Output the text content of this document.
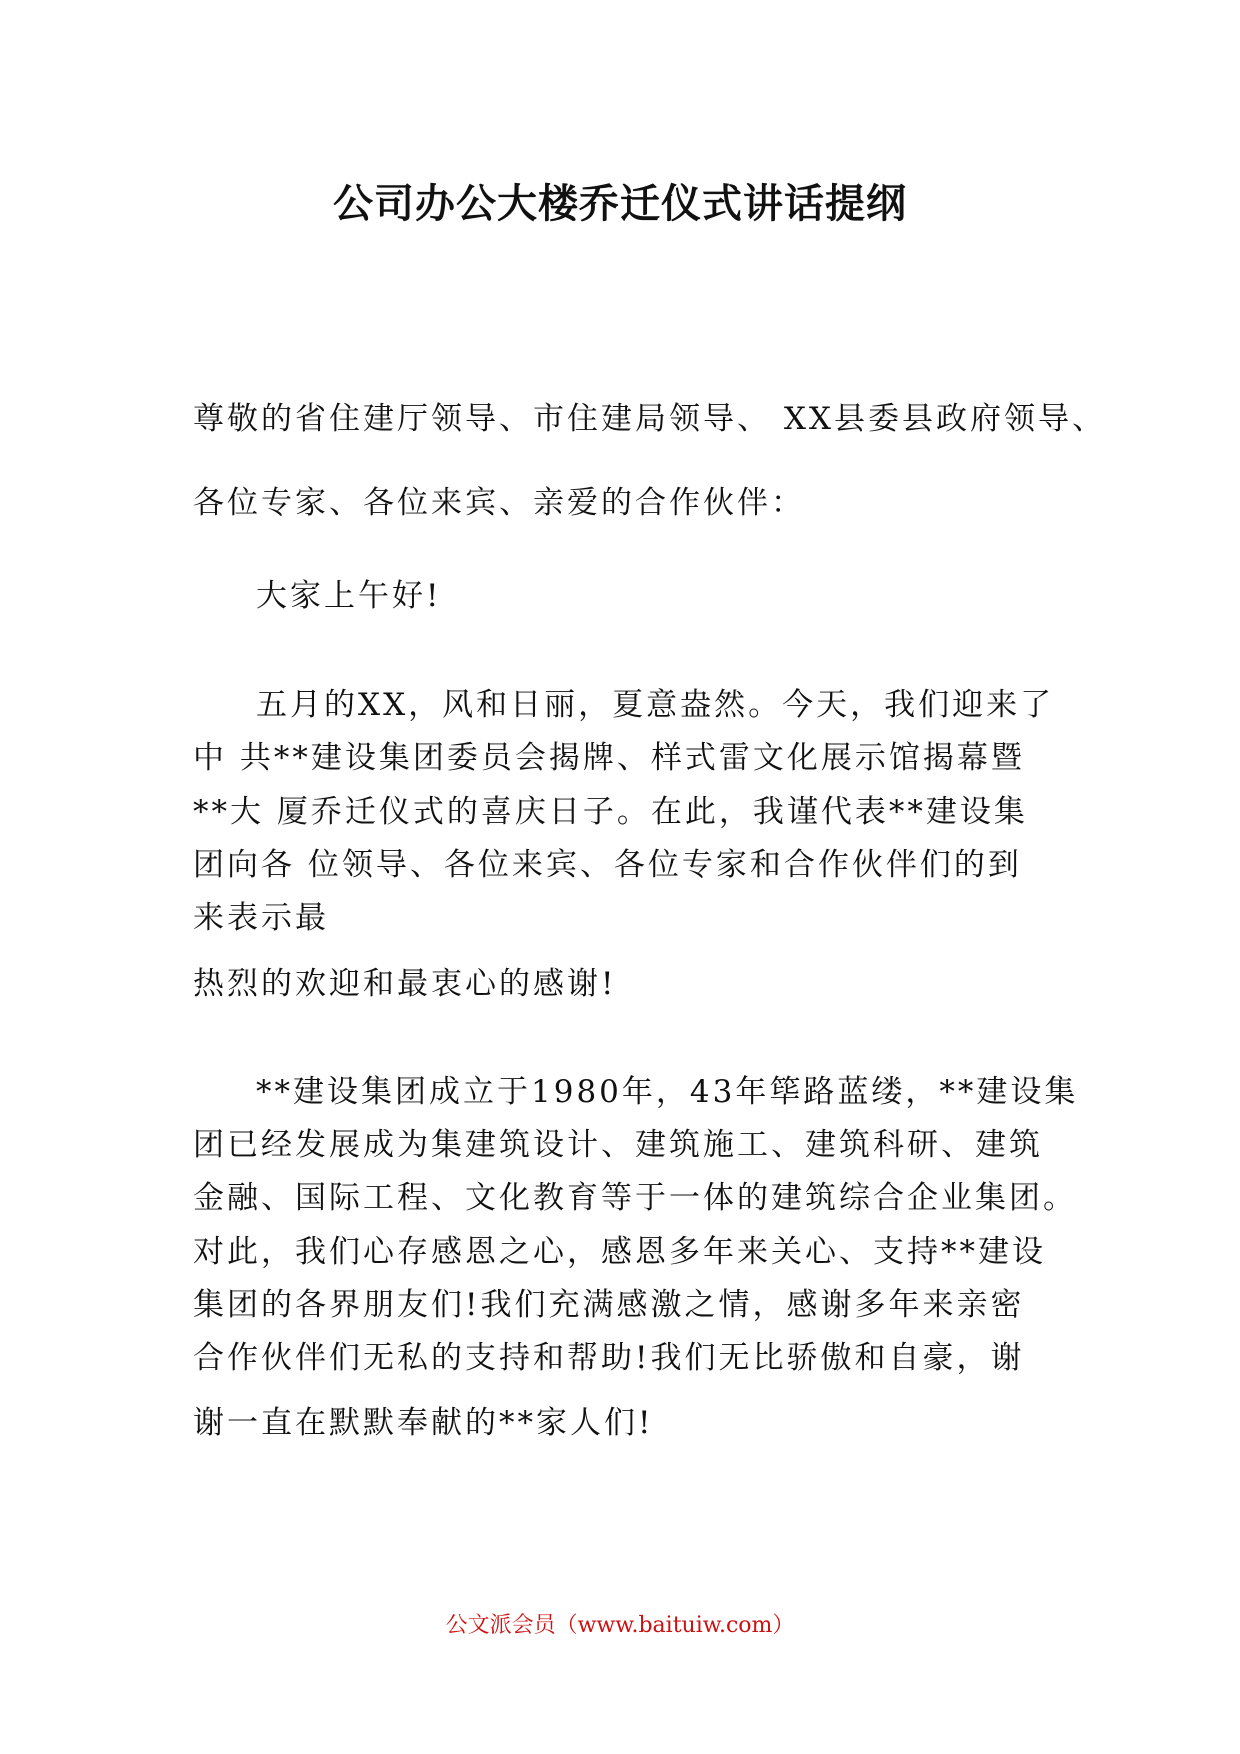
公司办公大楼乔迁仪式讲话提纲

尊敬的省住建厅领导、市住建局领导、 XX县委县政府领导、

各位专家、各位来宾、亲爱的合作伙伴：

大家上午好!

五月的XX，风和日丽，夏意盎然。今天，我们迎来了

中 共**建设集团委员会揭牌、样式雷文化展示馆揭幕暨

**大 厦乔迁仪式的喜庆日子。在此，我谨代表**建设集

团向各 位领导、各位来宾、各位专家和合作伙伴们的到

来表示最

热烈的欢迎和最衷心的感谢!

**建设集团成立于1980年，43年筚路蓝缕，**建设集

团已经发展成为集建筑设计、建筑施工、建筑科研、建筑

金融、国际工程、文化教育等于一体的建筑综合企业集团。

对此，我们心存感恩之心，感恩多年来关心、支持**建设

集团的各界朋友们!我们充满感激之情，感谢多年来亲密

合作伙伴们无私的支持和帮助!我们无比骄傲和自豪，谢

谢一直在默默奉献的**家人们!

公文派会员（www.baituiw.com）
